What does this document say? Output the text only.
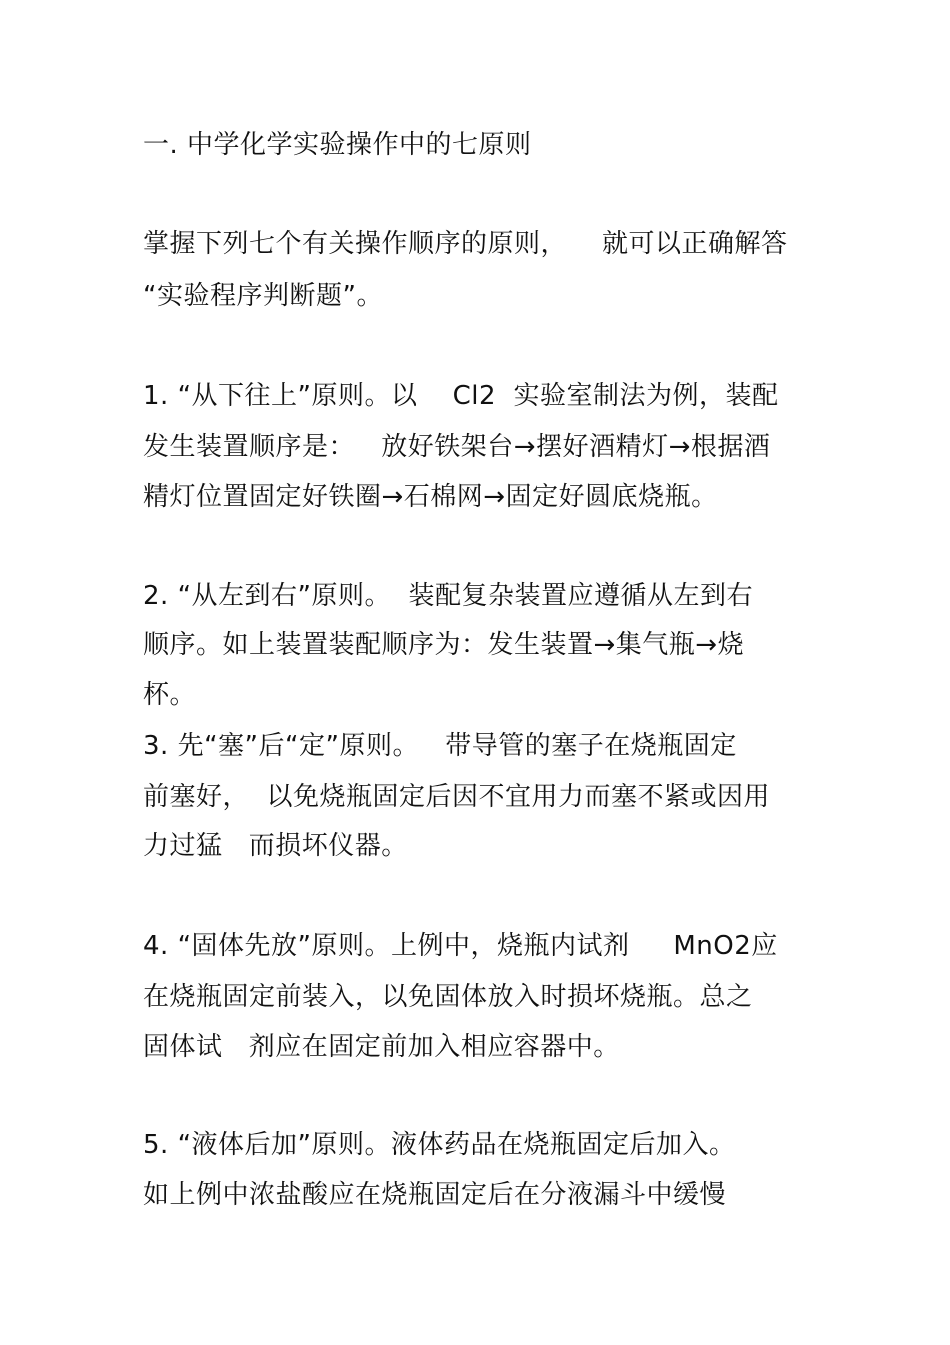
一. 中学化学实验操作中的七原则
掌握下列七个有关操作顺序的原则，    就可以正确解答
“实验程序判断题”。
1. “从下往上”原则。以    Cl2  实验室制法为例，装配
发生装置顺序是：   放好铁架台→摆好酒精灯→根据酒
精灯位置固定好铁圈→石棉网→固定好圆底烧瓶。
2. “从左到右”原则。  装配复杂装置应遵循从左到右
顺序。如上装置装配顺序为：发生装置→集气瓶→烧
杯。
3. 先“塞”后“定”原则。   带导管的塞子在烧瓶固定
前塞好，  以免烧瓶固定后因不宜用力而塞不紧或因用
力过猛   而损坏仪器。
4. “固体先放”原则。上例中，烧瓶内试剂     MnO2应
在烧瓶固定前装入，以免固体放入时损坏烧瓶。总之
固体试   剂应在固定前加入相应容器中。
5. “液体后加”原则。液体药品在烧瓶固定后加入。
如上例中浓盐酸应在烧瓶固定后在分液漏斗中缓慢
